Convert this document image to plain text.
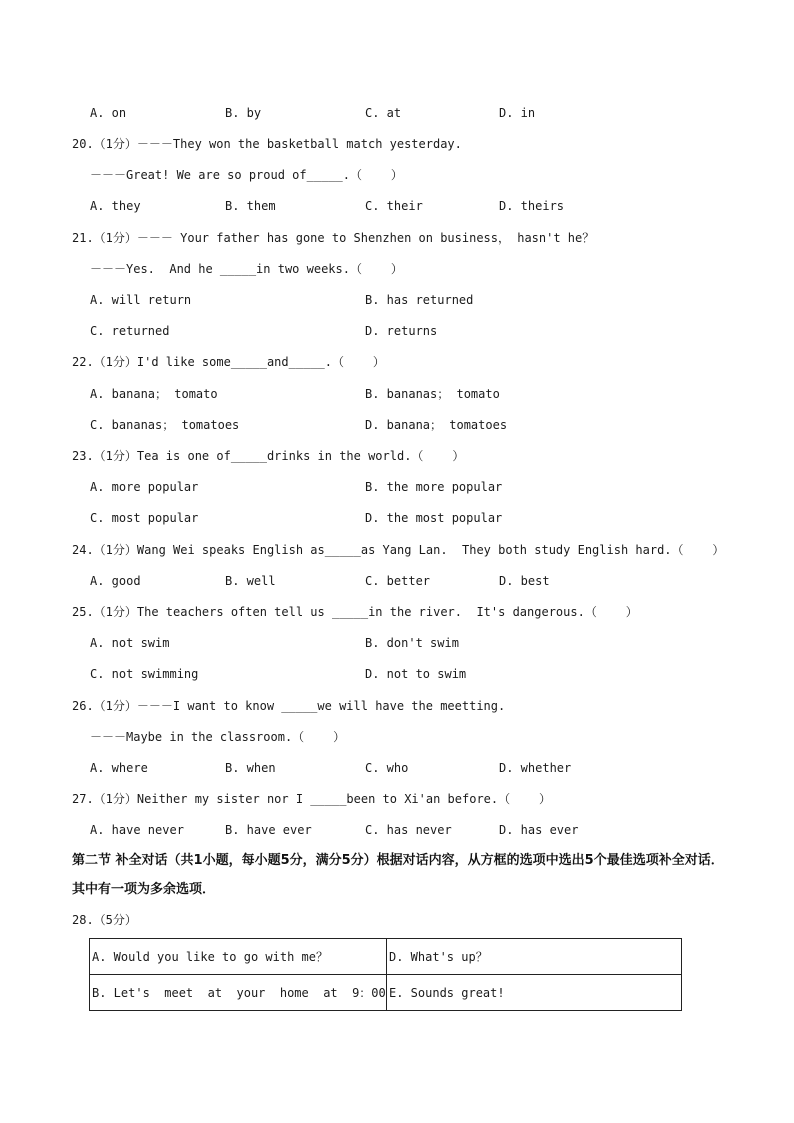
A. on	B. by	C. at	D. in
20.（1分）－－－They won the basketball match yesterday.
－－－Great! We are so proud of_____.（    ）
A. they	B. them	C. their	D. theirs
21.（1分）－－－ Your father has gone to Shenzhen on business， hasn't he？
－－－Yes.  And he _____in two weeks.（    ）
A. will return	B. has returned
C. returned	D. returns
22.（1分）I'd like some_____and_____.（    ）
A. banana； tomato	B. bananas； tomato
C. bananas； tomatoes	D. banana； tomatoes
23.（1分）Tea is one of_____drinks in the world.（    ）
A. more popular	B. the more popular
C. most popular	D. the most popular
24.（1分）Wang Wei speaks English as_____as Yang Lan.  They both study English hard.（    ）
A. good	B. well	C. better	D. best
25.（1分）The teachers often tell us _____in the river.  It's dangerous.（    ）
A. not swim	B. don't swim
C. not swimming	D. not to swim
26.（1分）－－－I want to know _____we will have the meetting.
－－－Maybe in the classroom.（    ）
A. where	B. when	C. who	D. whether
27.（1分）Neither my sister nor I _____been to Xi'an before.（    ）
A. have never	B. have ever	C. has never	D. has ever
第二节 补全对话（共1小题，每小题5分，满分5分）根据对话内容，从方框的选项中选出5个最佳选项补全对话．其中有一项为多余选项．
28.（5分）
A. Would you like to go with me？	D. What's up？
B. Let's  meet  at  your  home  at  9：00	E. Sounds great!
